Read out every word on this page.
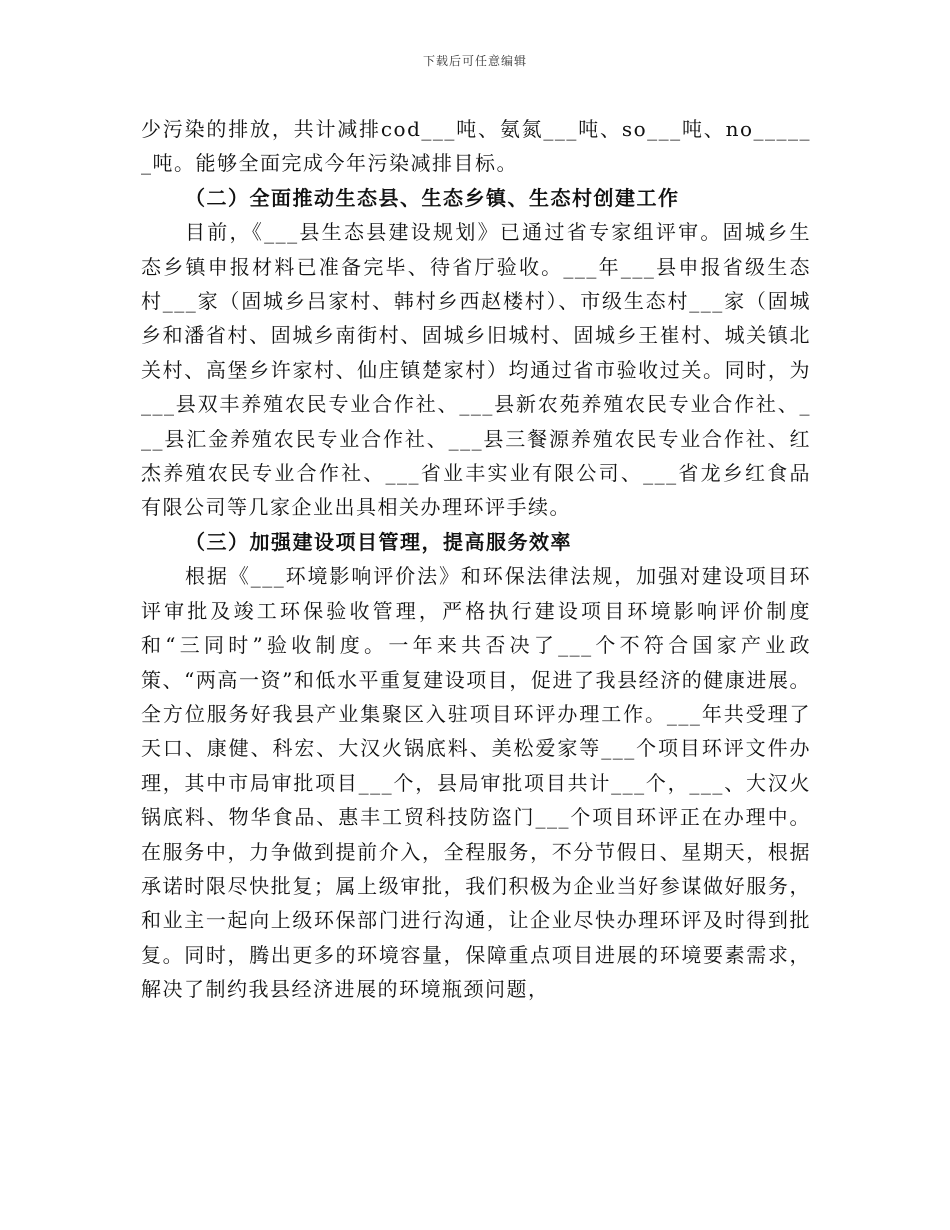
下载后可任意编辑

少污染的排放，共计减排cod___吨、氨氮___吨、so___吨、no______吨。能够全面完成今年污染减排目标。

（二）全面推动生态县、生态乡镇、生态村创建工作

目前，《___县生态县建设规划》已通过省专家组评审。固城乡生态乡镇申报材料已准备完毕、待省厅验收。___年___县申报省级生态村___家（固城乡吕家村、韩村乡西赵楼村）、市级生态村___家（固城乡和潘省村、固城乡南街村、固城乡旧城村、固城乡王崔村、城关镇北关村、高堡乡许家村、仙庄镇楚家村）均通过省市验收过关。同时，为___县双丰养殖农民专业合作社、___县新农苑养殖农民专业合作社、___县汇金养殖农民专业合作社、___县三餐源养殖农民专业合作社、红杰养殖农民专业合作社、___省业丰实业有限公司、___省龙乡红食品有限公司等几家企业出具相关办理环评手续。

（三）加强建设项目管理，提高服务效率

根据《___环境影响评价法》和环保法律法规，加强对建设项目环评审批及竣工环保验收管理，严格执行建设项目环境影响评价制度和“三同时”验收制度。一年来共否决了___个不符合国家产业政策、“两高一资”和低水平重复建设项目，促进了我县经济的健康进展。全方位服务好我县产业集聚区入驻项目环评办理工作。___年共受理了天口、康健、科宏、大汉火锅底料、美松爱家等___个项目环评文件办理，其中市局审批项目___个，县局审批项目共计___个，___、大汉火锅底料、物华食品、惠丰工贸科技防盗门___个项目环评正在办理中。在服务中，力争做到提前介入，全程服务，不分节假日、星期天，根据承诺时限尽快批复；属上级审批，我们积极为企业当好参谋做好服务，和业主一起向上级环保部门进行沟通，让企业尽快办理环评及时得到批复。同时，腾出更多的环境容量，保障重点项目进展的环境要素需求，解决了制约我县经济进展的环境瓶颈问题，
